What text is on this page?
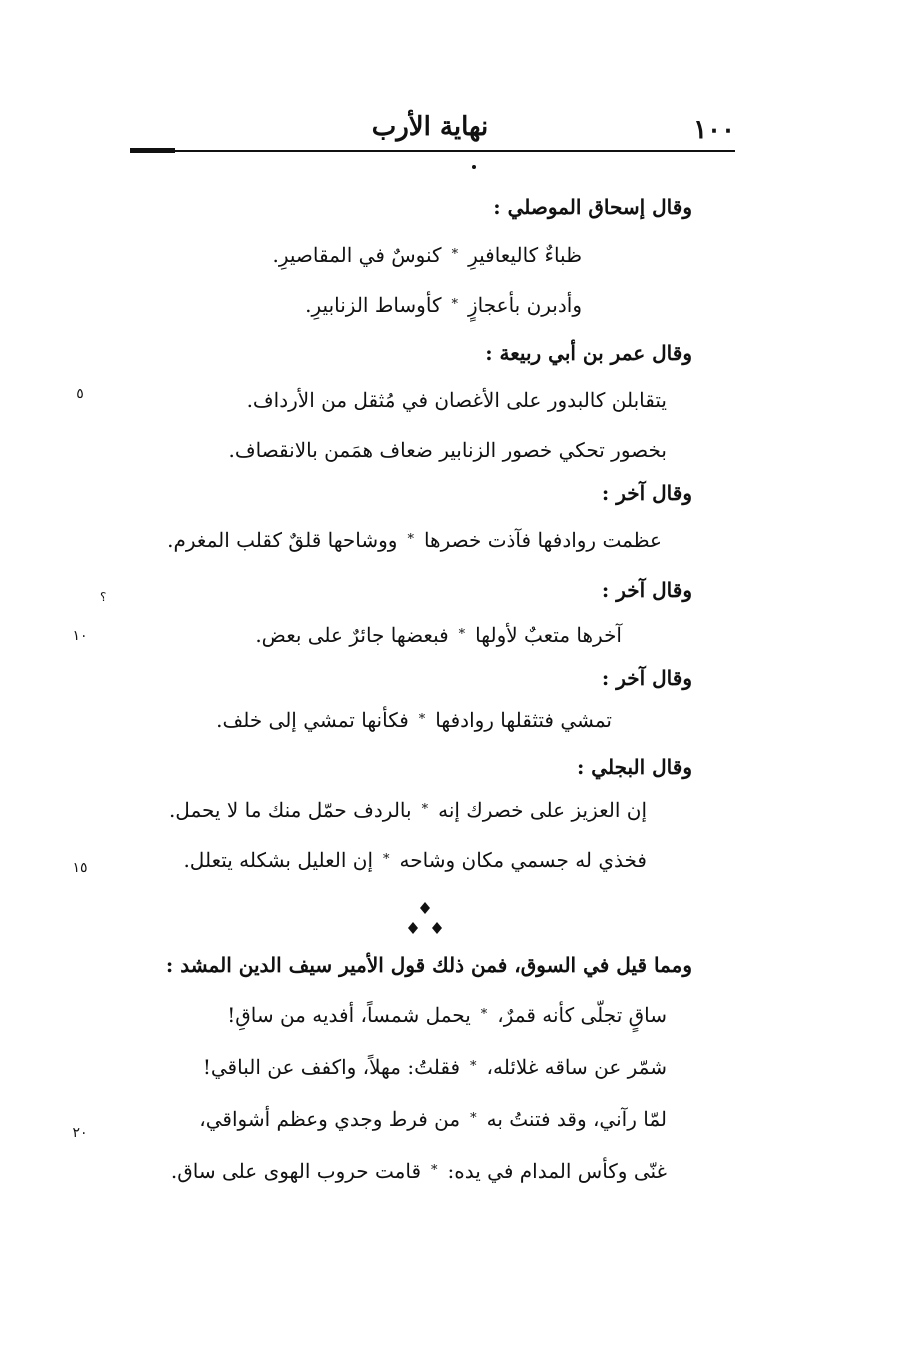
١٠٠
نهاية الأرب
وقال إسحاق الموصلي :
ظباءٌ كاليعافيرِ
*
كنوسٌ في المقاصيرِ.
وأدبرن بأعجازٍ
*
كأوساط الزنابيرِ.
وقال عمر بن أبي ربيعة :
يتقابلن كالبدور على الأغصان في مُثقل من الأرداف.
بخصور تحكي خصور الزنابير ضعاف همَمن بالانقصاف.
وقال آخر :
عظمت روادفها فآذت خصرها
*
ووشاحها قلقٌ كقلب المغرم.
وقال آخر :
آخرها متعبٌ لأولها
*
فبعضها جائرٌ على بعض.
وقال آخر :
تمشي فتثقلها روادفها
*
فكأنها تمشي إلى خلف.
وقال البجلي :
إن العزيز على خصرك إنه
*
بالردف حمّل منك ما لا يحمل.
فخذي له جسمي مكان وشاحه
*
إن العليل بشكله يتعلل.
ومما قيل في السوق، فمن ذلك قول الأمير سيف الدين المشد :
ساقٍ تجلّى كأنه قمرٌ،
*
يحمل شمساً، أفديه من ساقِ!
شمّر عن ساقه غلائله،
*
فقلتُ: مهلاً، واكفف عن الباقي!
لمّا رآني، وقد فتنتُ به
*
من فرط وجدي وعظم أشواقي،
غنّى وكأس المدام في يده:
*
قامت حروب الهوى على ساق.
٥
١٠
١٥
٢٠
؟
